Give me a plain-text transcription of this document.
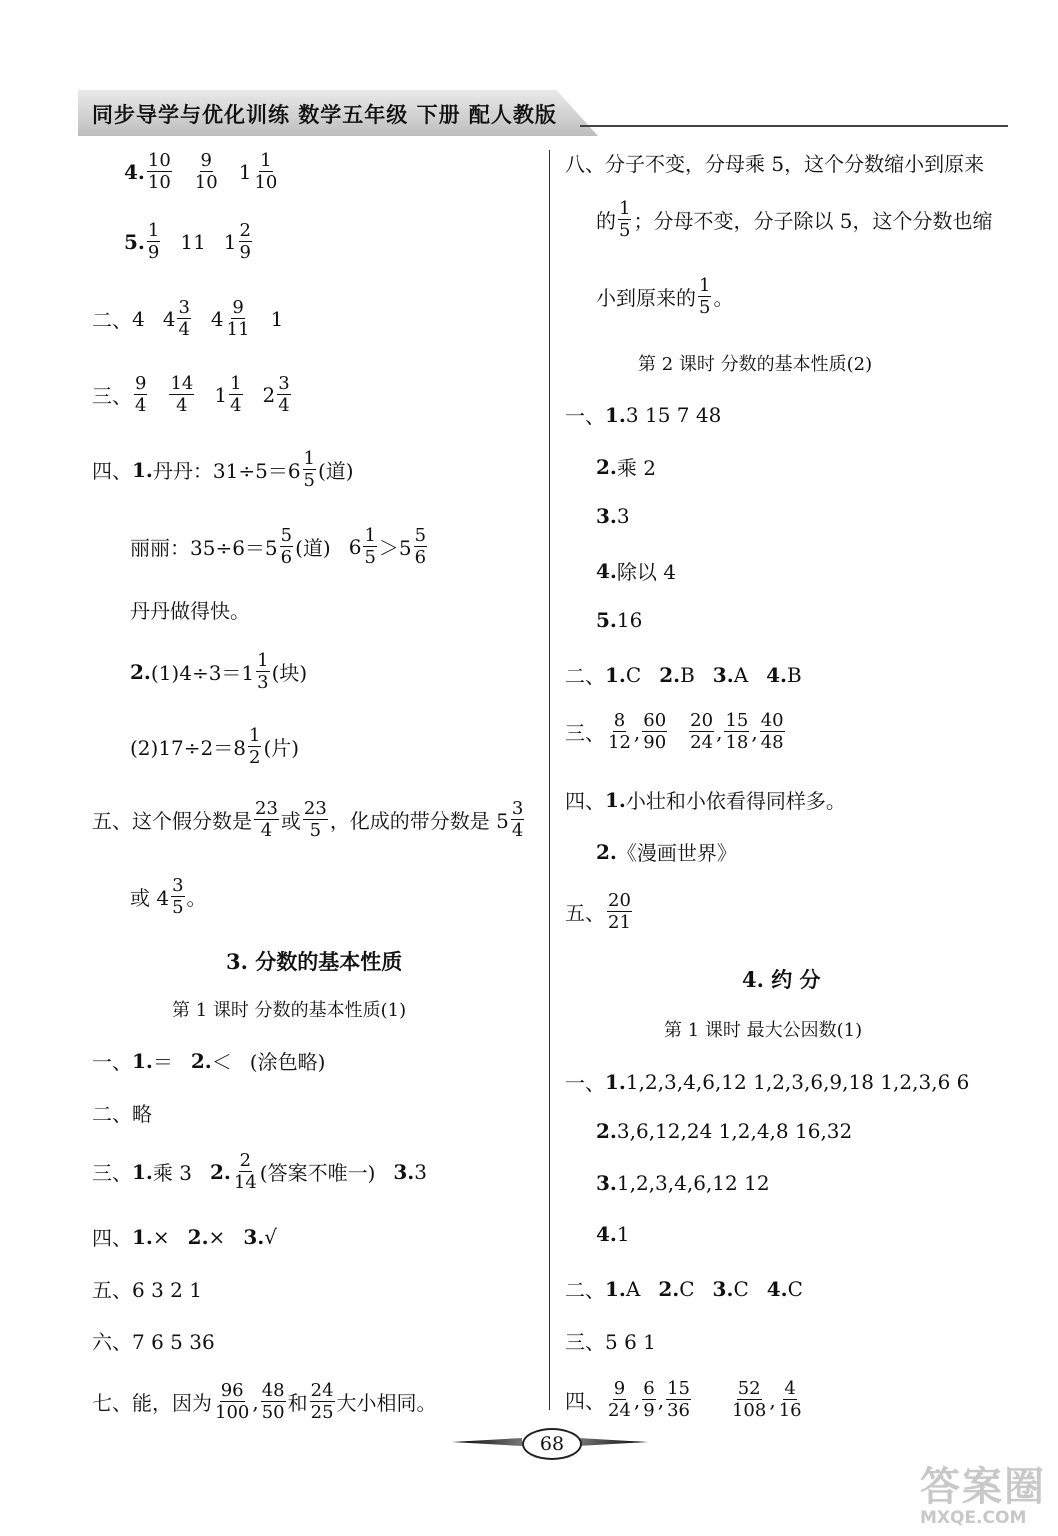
同步导学与优化训练 数学五年级 下册 配人教版
4. $\frac{10}{10} \frac{9}{10} 1 \frac{1}{10}$
5. $\frac{1}{9} 11$ $1 \frac{2}{9}$
二、 4 $4 \frac{3}{4} 4 \frac{9}{11} 1$
三、 $\frac{9}{4} \frac{14}{4} 1 \frac{1}{4} 2 \frac{3}{4}$
四、 1. 丹丹：$31\div 5=6 \frac{1}{5}$ (道)
丽丽：$35\div 6=5 \frac{5}{6}$ (道) $6 \frac{1}{5} >5 \frac{5}{6}$
丹丹做得快。
2. $(1)4\div 3=1 \frac{1}{3}$ (块)
$(2)17\div 2=8 \frac{1}{2}$ (片)
五、这个假分数是 $\frac{23}{4}$ 或 $\frac{23}{5}$ ，化成的带分数是 $5 \frac{3}{4}$
或 $4 \frac{3}{5}$ 。
3. 分数的基本性质
第 1 课时 分数的基本性质(1)
一、 1. ＝ 2. ＜ (涂色略)
二、略
三、 1. 乘 3 2. $\frac{2}{14}$ (答案不唯一) 3. 3
四、 1. × 2. × 3. √
五、6 3 2 1
六、7 6 5 36
七、能，因为 $\frac{96}{100}$ , $\frac{48}{50}$ 和 $\frac{24}{25}$ 大小相同。
八、分子不变，分母乘 5，这个分数缩小到原来
的 $\frac{1}{5}$ ；分母不变，分子除以 5，这个分数也缩
小到原来的 $\frac{1}{5}$ 。
第 2 课时 分数的基本性质(2)
一、 1. 3 15 7 48
2. 乘 2
3. 3
4. 除以 4
5. 16
二、 1. C 2. B 3. A 4. B
三、 $\frac{8}{12}$ , $\frac{60}{90} \frac{20}{24}$ , $\frac{15}{18}$ , $\frac{40}{48}$
四、 1. 小壮和小依看得同样多。
2. 《漫画世界》
五、 $\frac{20}{21}$
4. 约 分
第 1 课时 最大公因数(1)
一、 1. 1,2,3,4,6,12 1,2,3,6,9,18 1,2,3,6 6
2. 3,6,12,24 1,2,4,8 16,32
3. 1,2,3,4,6,12 12
4. 1
二、 1. A 2. C 3. C 4. C
三、5 6 1
四、 $\frac{9}{24}$ , $\frac{6}{9}$ , $\frac{15}{36} \frac{52}{108}$ , $\frac{4}{16}$
68
答案圈
MXQE.COM
